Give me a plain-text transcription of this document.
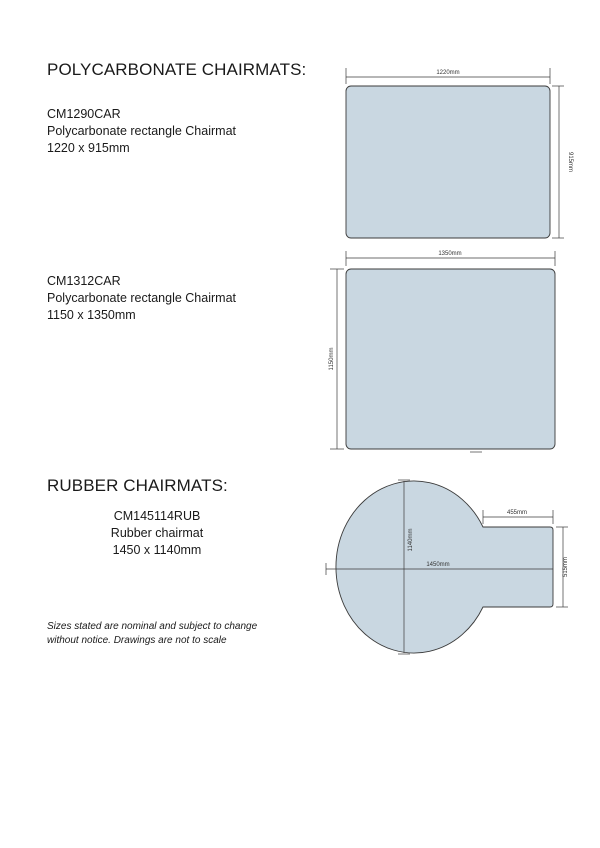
POLYCARBONATE CHAIRMATS:
RUBBER CHAIRMATS:
CM1290CAR
Polycarbonate rectangle Chairmat
1220 x 915mm
CM1312CAR
Polycarbonate rectangle Chairmat
1150 x 1350mm
CM145114RUB
Rubber chairmat
1450 x 1140mm
Sizes stated are nominal and subject to change
without notice. Drawings are not to scale
1220mm
915mm
1350mm
1150mm
1450mm
1140mm
455mm
515mm
